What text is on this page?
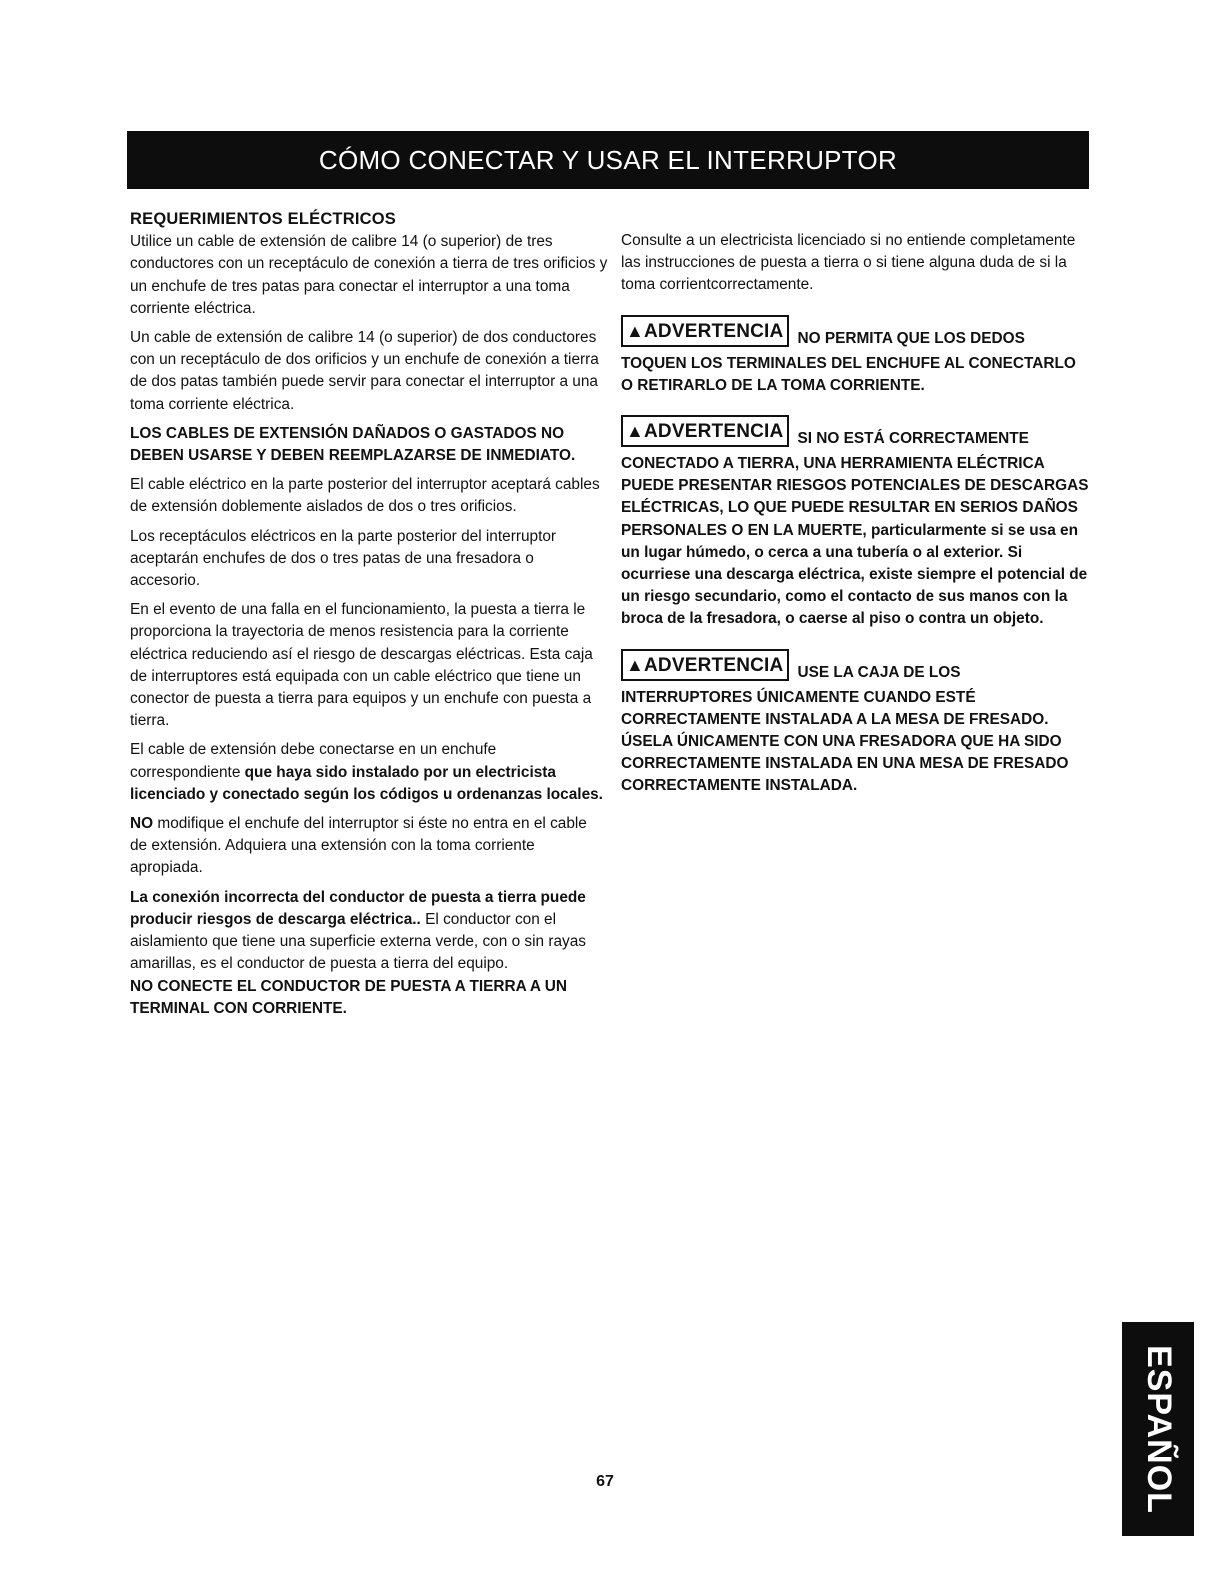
CÓMO CONECTAR Y USAR EL INTERRUPTOR
REQUERIMIENTOS ELÉCTRICOS

Utilice un cable de extensión de calibre 14 (o superior) de tres conductores con un receptáculo de conexión a tierra de tres orificios y un enchufe de tres patas para conectar el interruptor a una toma corriente eléctrica.

Un cable de extensión de calibre 14 (o superior) de dos conductores con un receptáculo de dos orificios y un enchufe de conexión a tierra de dos patas también puede servir para conectar el interruptor a una toma corriente eléctrica.

LOS CABLES DE EXTENSIÓN DAÑADOS O GASTADOS NO DEBEN USARSE Y DEBEN REEMPLAZARSE DE INMEDIATO.

El cable eléctrico en la parte posterior del interruptor aceptará cables de extensión doblemente aislados de dos o tres orificios.

Los receptáculos eléctricos en la parte posterior del interruptor aceptarán enchufes de dos o tres patas de una fresadora o accesorio.

En el evento de una falla en el funcionamiento, la puesta a tierra le proporciona la trayectoria de menos resistencia para la corriente eléctrica reduciendo así el riesgo de descargas eléctricas. Esta caja de interruptores está equipada con un cable eléctrico que tiene un conector de puesta a tierra para equipos y un enchufe con puesta a tierra.

El cable de extensión debe conectarse en un enchufe correspondiente que haya sido instalado por un electricista licenciado y conectado según los códigos u ordenanzas locales.

NO modifique el enchufe del interruptor si éste no entra en el cable de extensión. Adquiera una extensión con la toma corriente apropiada.

La conexión incorrecta del conductor de puesta a tierra puede producir riesgos de descarga eléctrica.. El conductor con el aislamiento que tiene una superficie externa verde, con o sin rayas amarillas, es el conductor de puesta a tierra del equipo.

NO CONECTE EL CONDUCTOR DE PUESTA A TIERRA A UN TERMINAL CON CORRIENTE.

Consulte a un electricista licenciado si no entiende completamente las instrucciones de puesta a tierra o si tiene alguna duda de si la toma corrientcorrectamente.

▲ADVERTENCIA NO PERMITA QUE LOS DEDOS TOQUEN LOS TERMINALES DEL ENCHUFE AL CONECTARLO O RETIRARLO DE LA TOMA CORRIENTE.
▲ADVERTENCIA SI NO ESTÁ CORRECTAMENTE CONECTADO A TIERRA, UNA HERRAMIENTA ELÉCTRICA PUEDE PRESENTAR RIESGOS POTENCIALES DE DESCARGAS ELÉCTRICAS, LO QUE PUEDE RESULTAR EN SERIOS DAÑOS PERSONALES O EN LA MUERTE, particularmente si se usa en un lugar húmedo, o cerca a una tubería o al exterior. Si ocurriese una descarga eléctrica, existe siempre el potencial de un riesgo secundario, como el contacto de sus manos con la broca de la fresadora, o caerse al piso o contra un objeto.
▲ADVERTENCIA USE LA CAJA DE LOS INTERRUPTORES ÚNICAMENTE CUANDO ESTÉ CORRECTAMENTE INSTALADA A LA MESA DE FRESADO. ÚSELA ÚNICAMENTE CON UNA FRESADORA QUE HA SIDO CORRECTAMENTE INSTALADA EN UNA MESA DE FRESADO CORRECTAMENTE INSTALADA.
67	ESPAÑOL
